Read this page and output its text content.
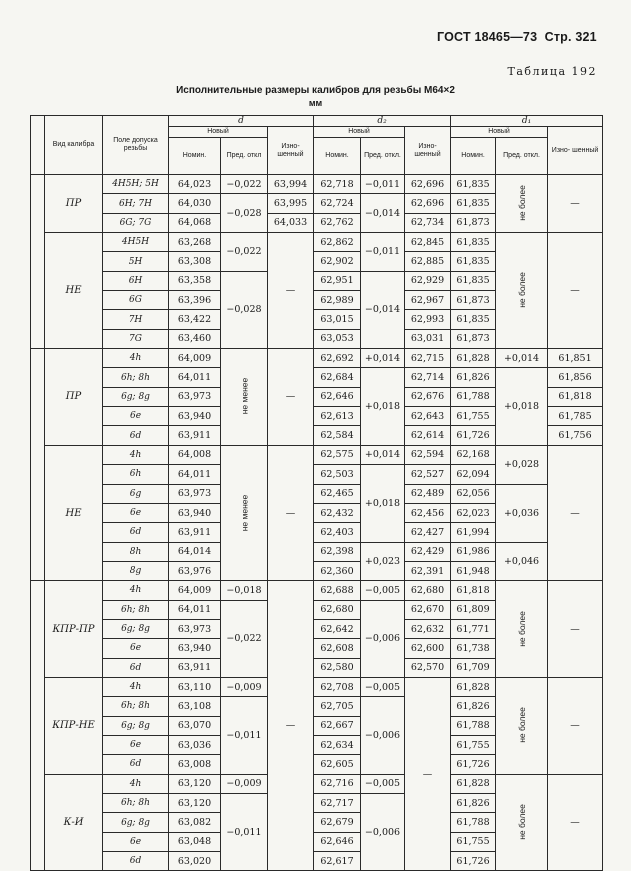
ГОСТ 18465—73 Стр. 321
Таблица 192
Исполнительные размеры калибров для резьбы М64×2
мм
	Вид калибра	Поле допуска резьбы	d			d₂			d₁		
			Новый		Изно- шенный	Новый		Изно- шенный	Новый		Изно- шенный
			Номин.	Пред. откл		Номин.	Пред. откл.		Номин.	Пред. откл.	
	ПР	4H5H; 5H	64,023	−0,022	63,994	62,718	−0,011	62,696	61,835	не более	—
		6H; 7H	64,030	−0,028	63,995	62,724	−0,014	62,696	61,835		
		6G; 7G	64,068		64,033	62,762		62,734	61,873		
	НЕ	4H5H	63,268	−0,022	—	62,862	−0,011	62,845	61,835	не более	—
		5H	63,308			62,902		62,885	61,835		
		6H	63,358	−0,028		62,951	−0,014	62,929	61,835		
		6G	63,396			62,989		62,967	61,873		
		7H	63,422			63,015		62,993	61,835		
		7G	63,460			63,053		63,031	61,873		
	ПР	4h	64,009	не менее	—	62,692	+0,014	62,715	61,828	+0,014	61,851
		6h; 8h	64,011			62,684	+0,018	62,714	61,826	+0,018	61,856
		6g; 8g	63,973			62,646		62,676	61,788		61,818
		6e	63,940			62,613		62,643	61,755		61,785
		6d	63,911			62,584		62,614	61,726		61,756
	НЕ	4h	64,008	не менее	—	62,575	+0,014	62,594	62,168	+0,028	—
		6h	64,011			62,503	+0,018	62,527	62,094		
		6g	63,973			62,465		62,489	62,056	+0,036	
		6e	63,940			62,432		62,456	62,023		
		6d	63,911			62,403		62,427	61,994		
		8h	64,014			62,398	+0,023	62,429	61,986	+0,046	
		8g	63,976			62,360		62,391	61,948		
	КПР-ПР	4h	64,009	−0,018	—	62,688	−0,005	62,680	61,818	не более	—
		6h; 8h	64,011	−0,022		62,680	−0,006	62,670	61,809		
		6g; 8g	63,973			62,642		62,632	61,771		
		6e	63,940			62,608		62,600	61,738		
		6d	63,911			62,580		62,570	61,709		
	КПР-НЕ	4h	63,110	−0,009		62,708	−0,005	—	61,828	не более	—
		6h; 8h	63,108	−0,011		62,705	−0,006		61,826		
		6g; 8g	63,070			62,667			61,788		
		6e	63,036			62,634			61,755		
		6d	63,008			62,605			61,726		
	К-И	4h	63,120	−0,009		62,716	−0,005		61,828	не более	—
		6h; 8h	63,120	−0,011		62,717	−0,006		61,826		
		6g; 8g	63,082			62,679			61,788		
		6e	63,048			62,646			61,755		
		6d	63,020			62,617			61,726		
